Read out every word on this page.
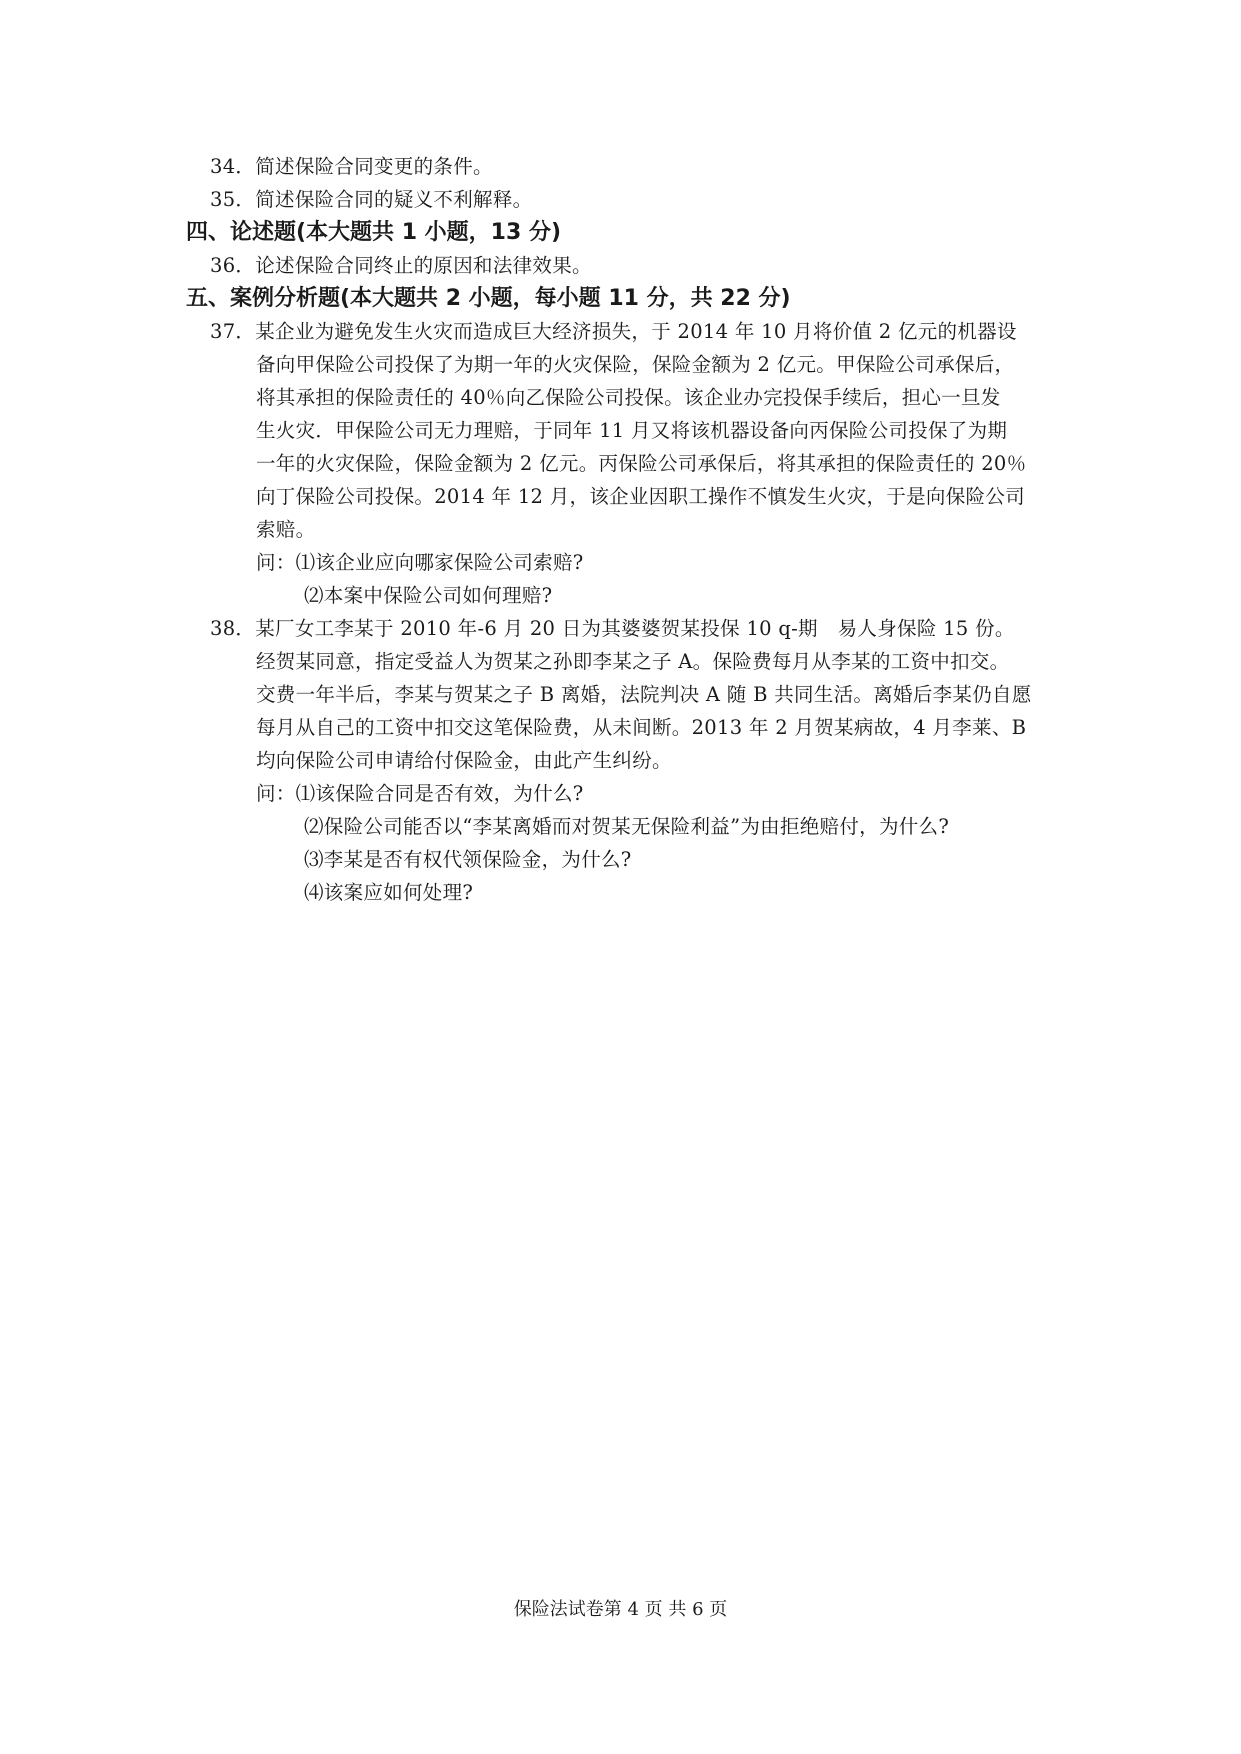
34．简述保险合同变更的条件。
35．简述保险合同的疑义不利解释。
四、论述题(本大题共 1 小题，13 分)
36．论述保险合同终止的原因和法律效果。
五、案例分析题(本大题共 2 小题，每小题 11 分，共 22 分)
37．某企业为避免发生火灾而造成巨大经济损失，于 2014 年 10 月将价值 2 亿元的机器设
备向甲保险公司投保了为期一年的火灾保险，保险金额为 2 亿元。甲保险公司承保后，
将其承担的保险责任的 40％向乙保险公司投保。该企业办完投保手续后，担心一旦发
生火灾．甲保险公司无力理赔，于同年 11 月又将该机器设备向丙保险公司投保了为期
一年的火灾保险，保险金额为 2 亿元。丙保险公司承保后，将其承担的保险责任的 20％
向丁保险公司投保。2014 年 12 月，该企业因职工操作不慎发生火灾，于是向保险公司
索赔。
问：⑴该企业应向哪家保险公司索赔?
⑵本案中保险公司如何理赔?
38．某厂女工李某于 2010 年-6 月 20 日为其婆婆贺某投保 10 q-期　易人身保险 15 份。
经贺某同意，指定受益人为贺某之孙即李某之子 A。保险费每月从李某的工资中扣交。
交费一年半后，李某与贺某之子 B 离婚，法院判决 A 随 B 共同生活。离婚后李某仍自愿
每月从自己的工资中扣交这笔保险费，从未间断。2013 年 2 月贺某病故，4 月李莱、B
均向保险公司申请给付保险金，由此产生纠纷。
问：⑴该保险合同是否有效，为什么?
⑵保险公司能否以“李某离婚而对贺某无保险利益”为由拒绝赔付，为什么?
⑶李某是否有权代领保险金，为什么?
⑷该案应如何处理?
保险法试卷第 4 页 共 6 页
